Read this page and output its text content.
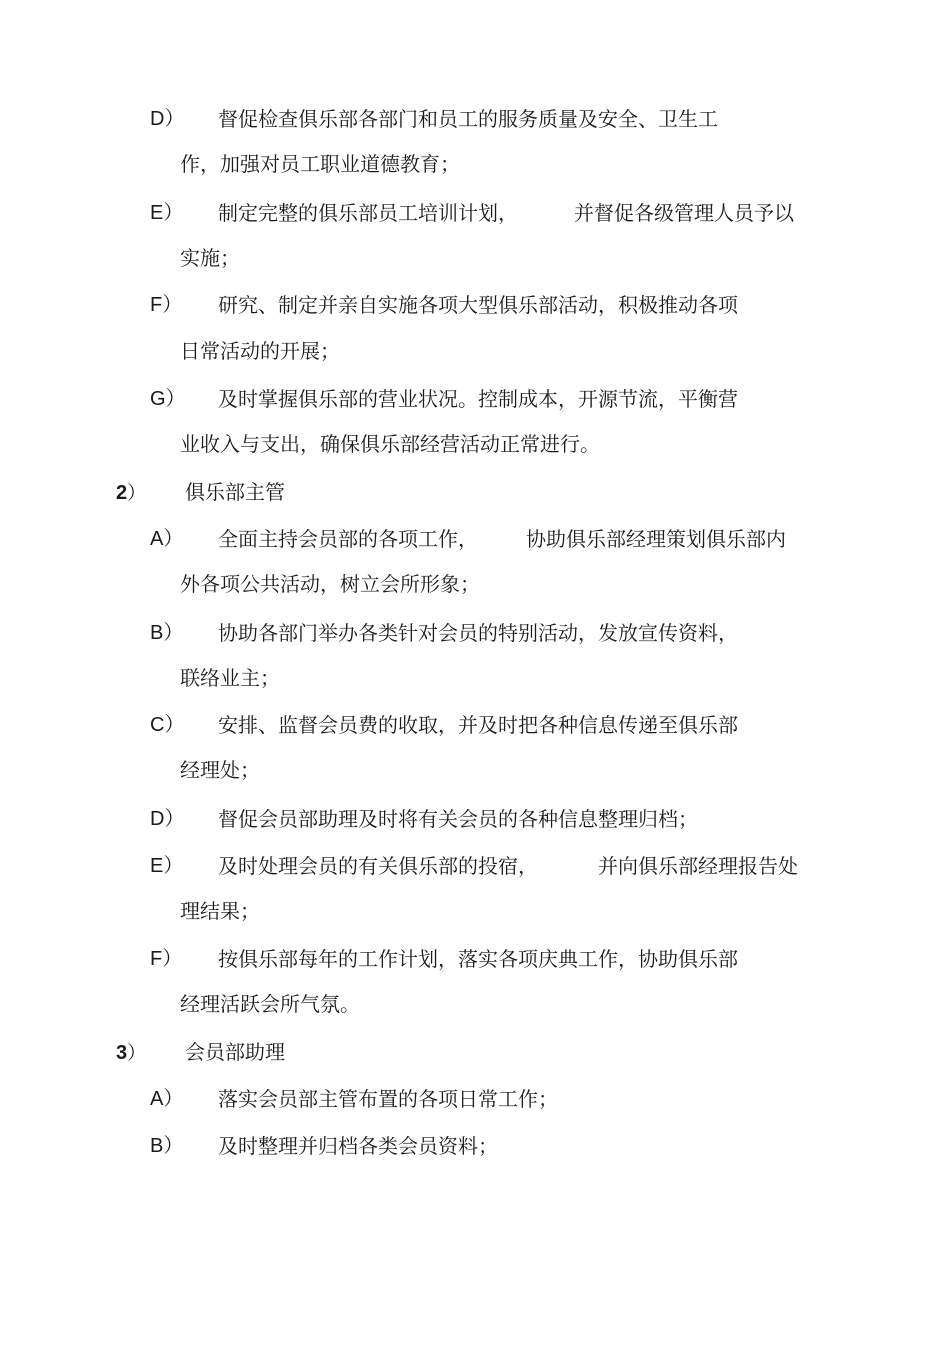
D） 督促检查俱乐部各部门和员工的服务质量及安全、卫生工
作，加强对员工职业道德教育；
E） 制定完整的俱乐部员工培训计划，	并督促各级管理人员予以
实施；
F） 研究、制定并亲自实施各项大型俱乐部活动，积极推动各项
日常活动的开展；
G） 及时掌握俱乐部的营业状况。控制成本，开源节流，平衡营
业收入与支出，确保俱乐部经营活动正常进行。
2） 俱乐部主管
A） 全面主持会员部的各项工作， 协助俱乐部经理策划俱乐部内
外各项公共活动，树立会所形象；
B） 协助各部门举办各类针对会员的特别活动，发放宣传资料，
联络业主；
C） 安排、监督会员费的收取，并及时把各种信息传递至俱乐部
经理处；
D） 督促会员部助理及时将有关会员的各种信息整理归档；
E） 及时处理会员的有关俱乐部的投宿，	并向俱乐部经理报告处
理结果；
F） 按俱乐部每年的工作计划，落实各项庆典工作，协助俱乐部
经理活跃会所气氛。
3） 会员部助理
A） 落实会员部主管布置的各项日常工作；
B） 及时整理并归档各类会员资料；
